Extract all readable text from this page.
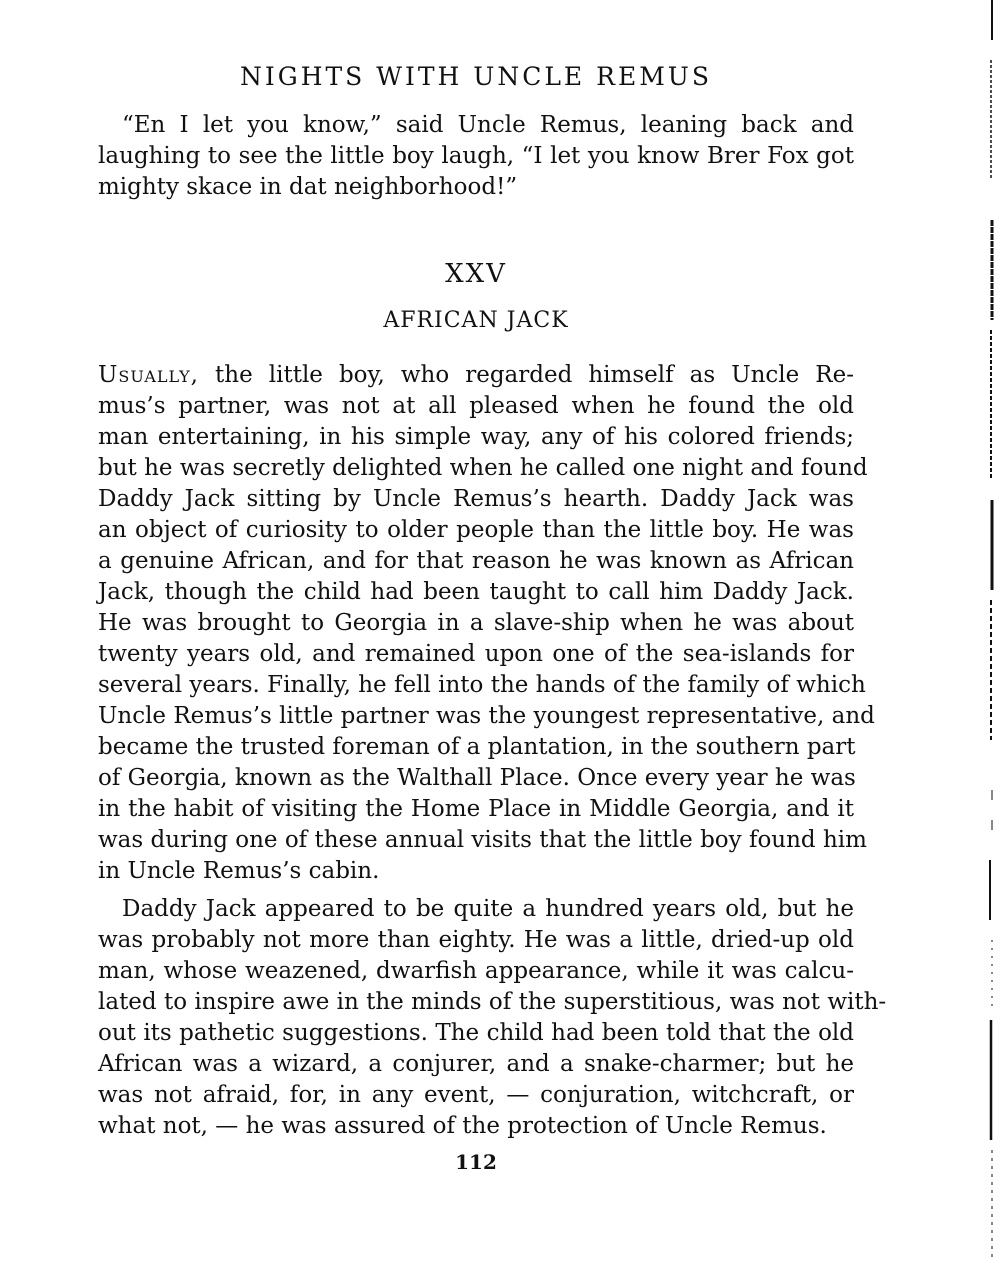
NIGHTS WITH UNCLE REMUS
“En I let you know,” said Uncle Remus, leaning back and
laughing to see the little boy laugh, “I let you know Brer Fox got
mighty skace in dat neighborhood!”
XXV
AFRICAN JACK
Usually, the little boy, who regarded himself as Uncle Re-
mus’s partner, was not at all pleased when he found the old
man entertaining, in his simple way, any of his colored friends;
but he was secretly delighted when he called one night and found
Daddy Jack sitting by Uncle Remus’s hearth. Daddy Jack was
an object of curiosity to older people than the little boy. He was
a genuine African, and for that reason he was known as African
Jack, though the child had been taught to call him Daddy Jack.
He was brought to Georgia in a slave-ship when he was about
twenty years old, and remained upon one of the sea-islands for
several years. Finally, he fell into the hands of the family of which
Uncle Remus’s little partner was the youngest representative, and
became the trusted foreman of a plantation, in the southern part
of Georgia, known as the Walthall Place. Once every year he was
in the habit of visiting the Home Place in Middle Georgia, and it
was during one of these annual visits that the little boy found him
in Uncle Remus’s cabin.
Daddy Jack appeared to be quite a hundred years old, but he
was probably not more than eighty. He was a little, dried-up old
man, whose weazened, dwarfish appearance, while it was calcu-
lated to inspire awe in the minds of the superstitious, was not with-
out its pathetic suggestions. The child had been told that the old
African was a wizard, a conjurer, and a snake-charmer; but he
was not afraid, for, in any event, — conjuration, witchcraft, or
what not, — he was assured of the protection of Uncle Remus.
112
